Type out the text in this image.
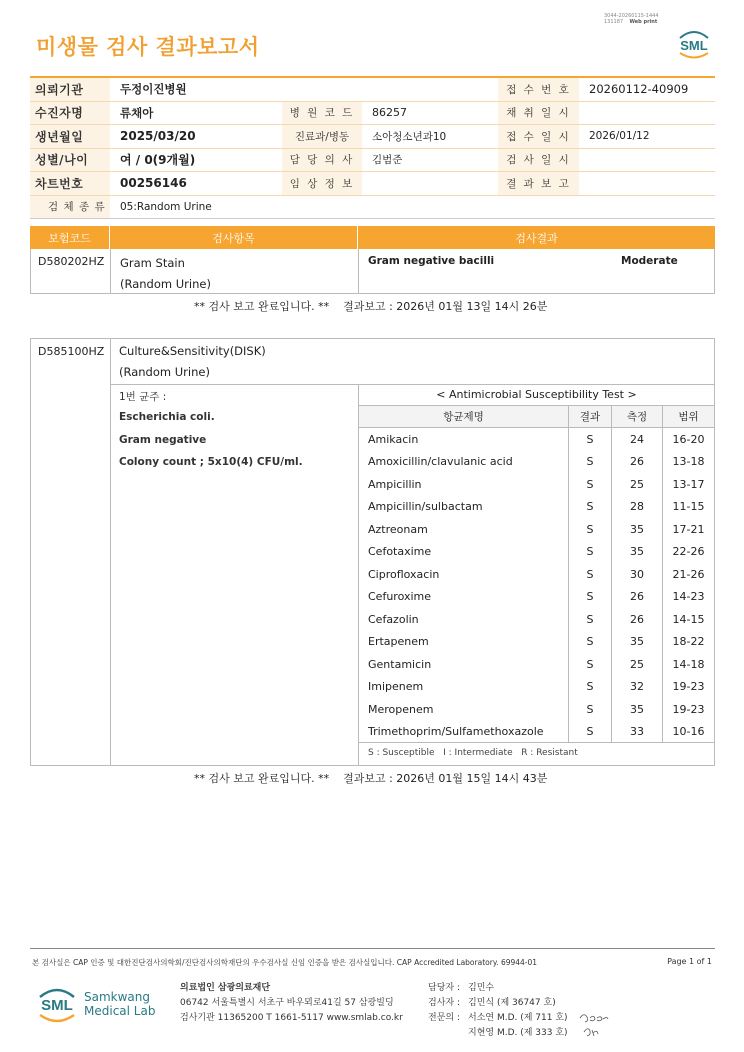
3044-20260115-1444
131187 Web print
미생물 검사 결과보고서	SML
의뢰기관	두정이진병원	접 수 번 호	20260112-40909
수진자명	류채아	병 원 코 드	86257	채 취 일 시
생년월일	2025/03/20	진료과/병동	소아청소년과10	접 수 일 시	2026/01/12
성별/나이	여 / 0(9개월)	담 당 의 사	김범준	검 사 일 시
차트번호	00256146	임 상 정 보	결 과 보 고
검 체 종 류	05:Random Urine
보험코드	검사항목	검사결과
D580202HZ	Gram Stain
(Random Urine)
Gram negative bacilli	Moderate
** 검사 보고 완료입니다. **    결과보고 : 2026년 01월 13일 14시 26분
D585100HZ Culture&Sensitivity(DISK)
(Random Urine)
1번 균주 :
Escherichia coli.
Gram negative
Colony count ; 5x10(4) CFU/ml.
< Antimicrobial Susceptibility Test >
항균제명	결과	측정	범위
Amikacin	S	24	16-20
Amoxicillin/clavulanic acid	S	26	13-18
Ampicillin	S	25	13-17
Ampicillin/sulbactam	S	28	11-15
Aztreonam	S	35	17-21
Cefotaxime	S	35	22-26
Ciprofloxacin	S	30	21-26
Cefuroxime	S	26	14-23
Cefazolin	S	26	14-15
Ertapenem	S	35	18-22
Gentamicin	S	25	14-18
Imipenem	S	32	19-23
Meropenem	S	35	19-23
Trimethoprim/Sulfamethoxazole	S	33	10-16
S : Susceptible   I : Intermediate   R : Resistant
** 검사 보고 완료입니다. **    결과보고 : 2026년 01월 15일 14시 43분
본 검사실은 CAP 인증 및 대한진단검사의학회/진단검사의학재단의 우수검사실 신임 인증을 받은 검사실입니다. CAP Accredited Laboratory. 69944-01	Page 1 of 1
SML Samkwang
Medical Lab
의료법인 삼광의료재단
06742 서울특별시 서초구 바우뫼로41길 57 삼광빌딩
검사기관 11365200 T 1661-5117 www.smlab.co.kr
담당자 : 김민수
검사자 : 김민식 (제 36747 호)
전문의 : 서소연 M.D. (제 711 호)
지현영 M.D. (제 333 호)
